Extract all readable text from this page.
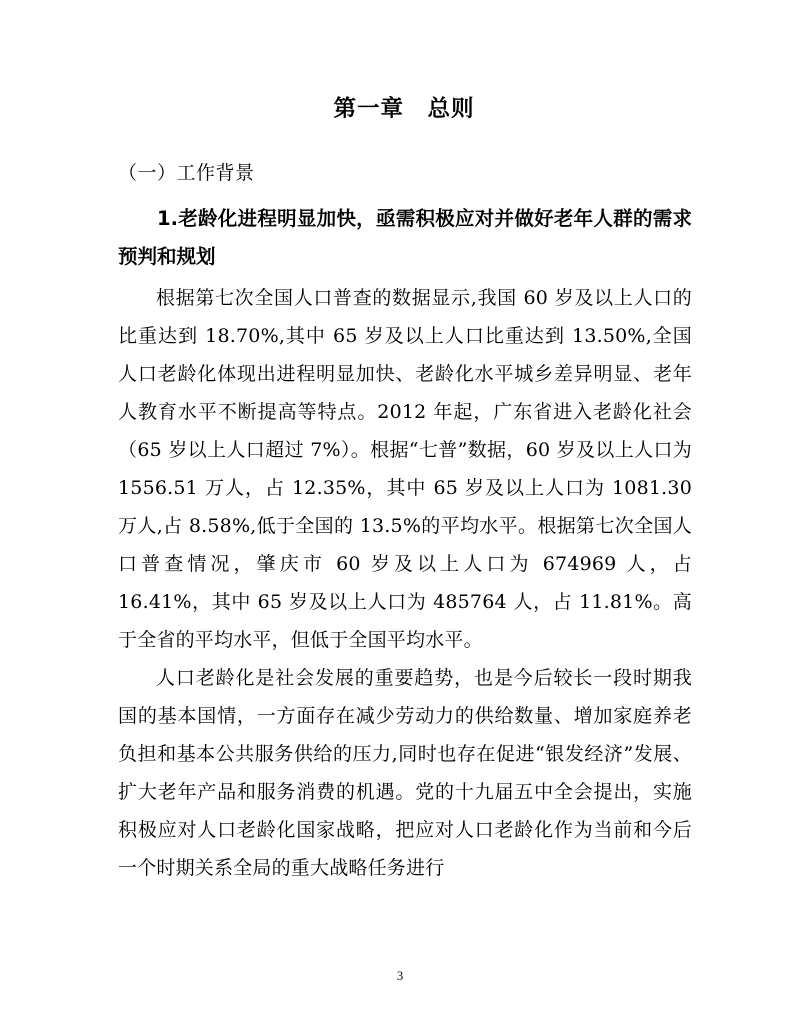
第一章　总则
（一）工作背景
1.老龄化进程明显加快，亟需积极应对并做好老年人群的需求预判和规划

根据第七次全国人口普查的数据显示,我国 60 岁及以上人口的比重达到 18.70%,其中 65 岁及以上人口比重达到 13.50%,全国人口老龄化体现出进程明显加快、老龄化水平城乡差异明显、老年人教育水平不断提高等特点。2012 年起，广东省进入老龄化社会（65 岁以上人口超过 7%）。根据“七普”数据，60 岁及以上人口为 1556.51 万人，占 12.35%，其中 65 岁及以上人口为 1081.30 万人,占 8.58%,低于全国的 13.5%的平均水平。根据第七次全国人口普查情况，肇庆市 60 岁及以上人口为 674969 人，占 16.41%，其中 65 岁及以上人口为 485764 人，占 11.81%。高于全省的平均水平，但低于全国平均水平。

人口老龄化是社会发展的重要趋势，也是今后较长一段时期我国的基本国情，一方面存在减少劳动力的供给数量、增加家庭养老负担和基本公共服务供给的压力,同时也存在促进“银发经济”发展、扩大老年产品和服务消费的机遇。党的十九届五中全会提出，实施积极应对人口老龄化国家战略，把应对人口老龄化作为当前和今后一个时期关系全局的重大战略任务进行

3
